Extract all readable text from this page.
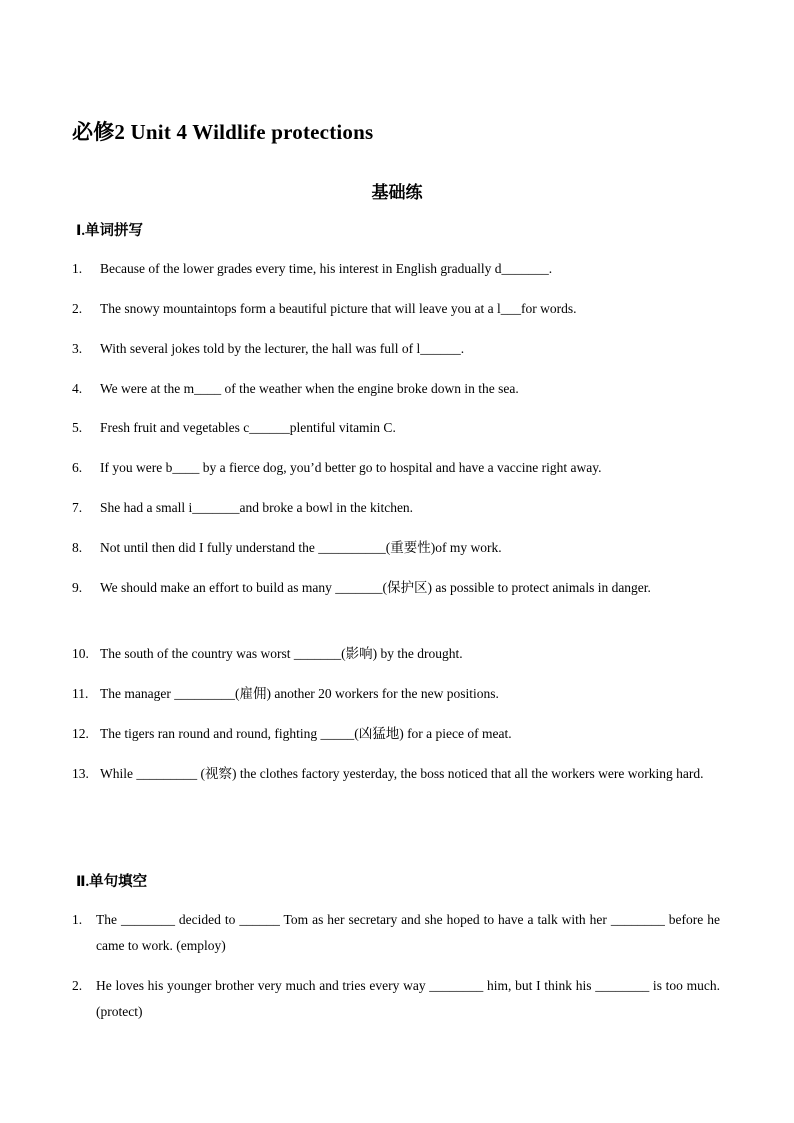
必修2 Unit 4 Wildlife protections
基础练
Ⅰ.单词拼写
1.	Because of the lower grades every time, his interest in English gradually d_______.
2.	The snowy mountaintops form a beautiful picture that will leave you at a l___for words.
3.	With several jokes told by the lecturer, the hall was full of l______.
4.	We were at the m____ of the weather when the engine broke down in the sea.
5.	Fresh fruit and vegetables c______plentiful vitamin C.
6.	If you were b____ by a fierce dog, you’d better go to hospital and have a vaccine right away.
7.	She had a small i_______and broke a bowl in the kitchen.
8.	Not until then did I fully understand the __________(重要性)of my work.
9.	We should make an effort to build as many _______(保护区) as possible to protect animals in danger.
10. The south of the country was worst _______(影响) by the drought.
11. The manager _________(雇佣) another 20 workers for the new positions.
12. The tigers ran round and round, fighting _____(凶猛地) for a piece of meat.
13. While _________ (视察) the clothes factory yesterday, the boss noticed that all the workers were working hard.
Ⅱ.单句填空
1.	The ________ decided to ______ Tom as her secretary and she hoped to have a talk with her ________ before he came to work. (employ)
2.	He loves his younger brother very much and tries every way ________ him, but I think his ________ is too much. (protect)
